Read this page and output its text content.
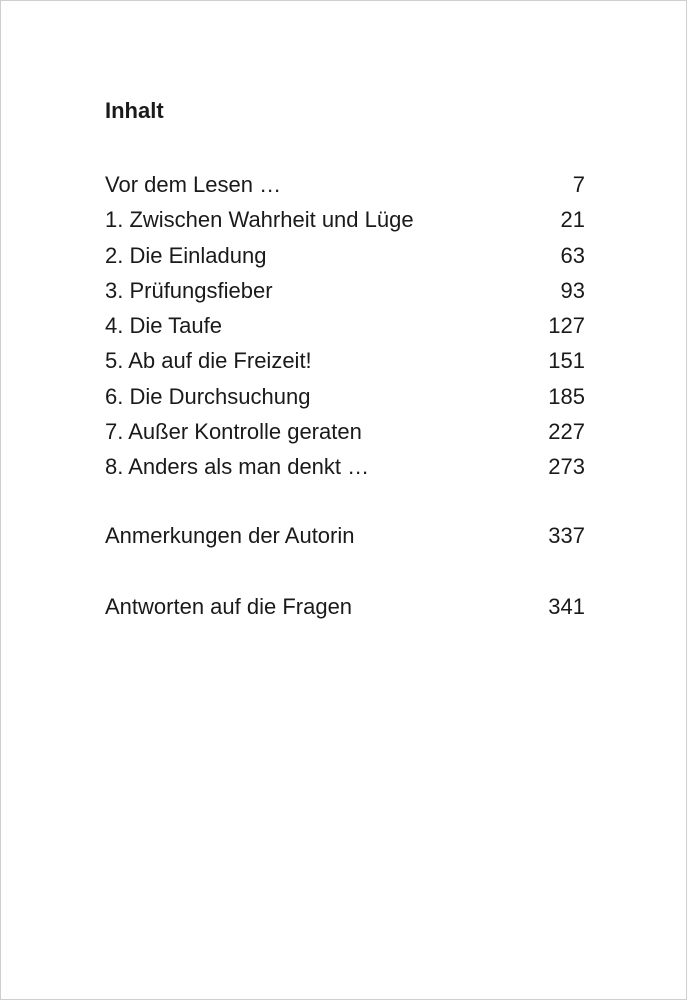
Inhalt
Vor dem Lesen …	7
1. Zwischen Wahrheit und Lüge	21
2. Die Einladung	63
3. Prüfungsfieber	93
4. Die Taufe	127
5. Ab auf die Freizeit!	151
6. Die Durchsuchung	185
7. Außer Kontrolle geraten	227
8. Anders als man denkt …	273
Anmerkungen der Autorin	337
Antworten auf die Fragen	341
